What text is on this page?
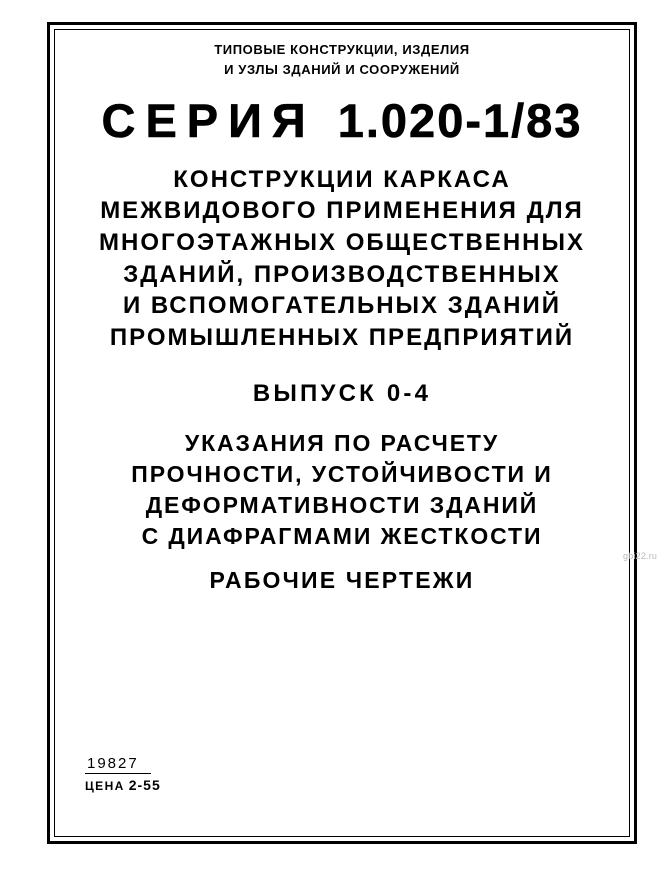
ТИПОВЫЕ КОНСТРУКЦИИ, ИЗДЕЛИЯ
И УЗЛЫ ЗДАНИЙ И СООРУЖЕНИЙ
СЕРИЯ 1.020-1/83
КОНСТРУКЦИИ КАРКАСА
МЕЖВИДОВОГО ПРИМЕНЕНИЯ ДЛЯ
МНОГОЭТАЖНЫХ ОБЩЕСТВЕННЫХ
ЗДАНИЙ, ПРОИЗВОДСТВЕННЫХ
И ВСПОМОГАТЕЛЬНЫХ ЗДАНИЙ
ПРОМЫШЛЕННЫХ ПРЕДПРИЯТИЙ
ВЫПУСК 0-4
УКАЗАНИЯ ПО РАСЧЕТУ
ПРОЧНОСТИ, УСТОЙЧИВОСТИ И
ДЕФОРМАТИВНОСТИ ЗДАНИЙ
С ДИАФРАГМАМИ ЖЕСТКОСТИ
РАБОЧИЕ ЧЕРТЕЖИ
19827
ЦЕНА 2-55
gbi22.ru
